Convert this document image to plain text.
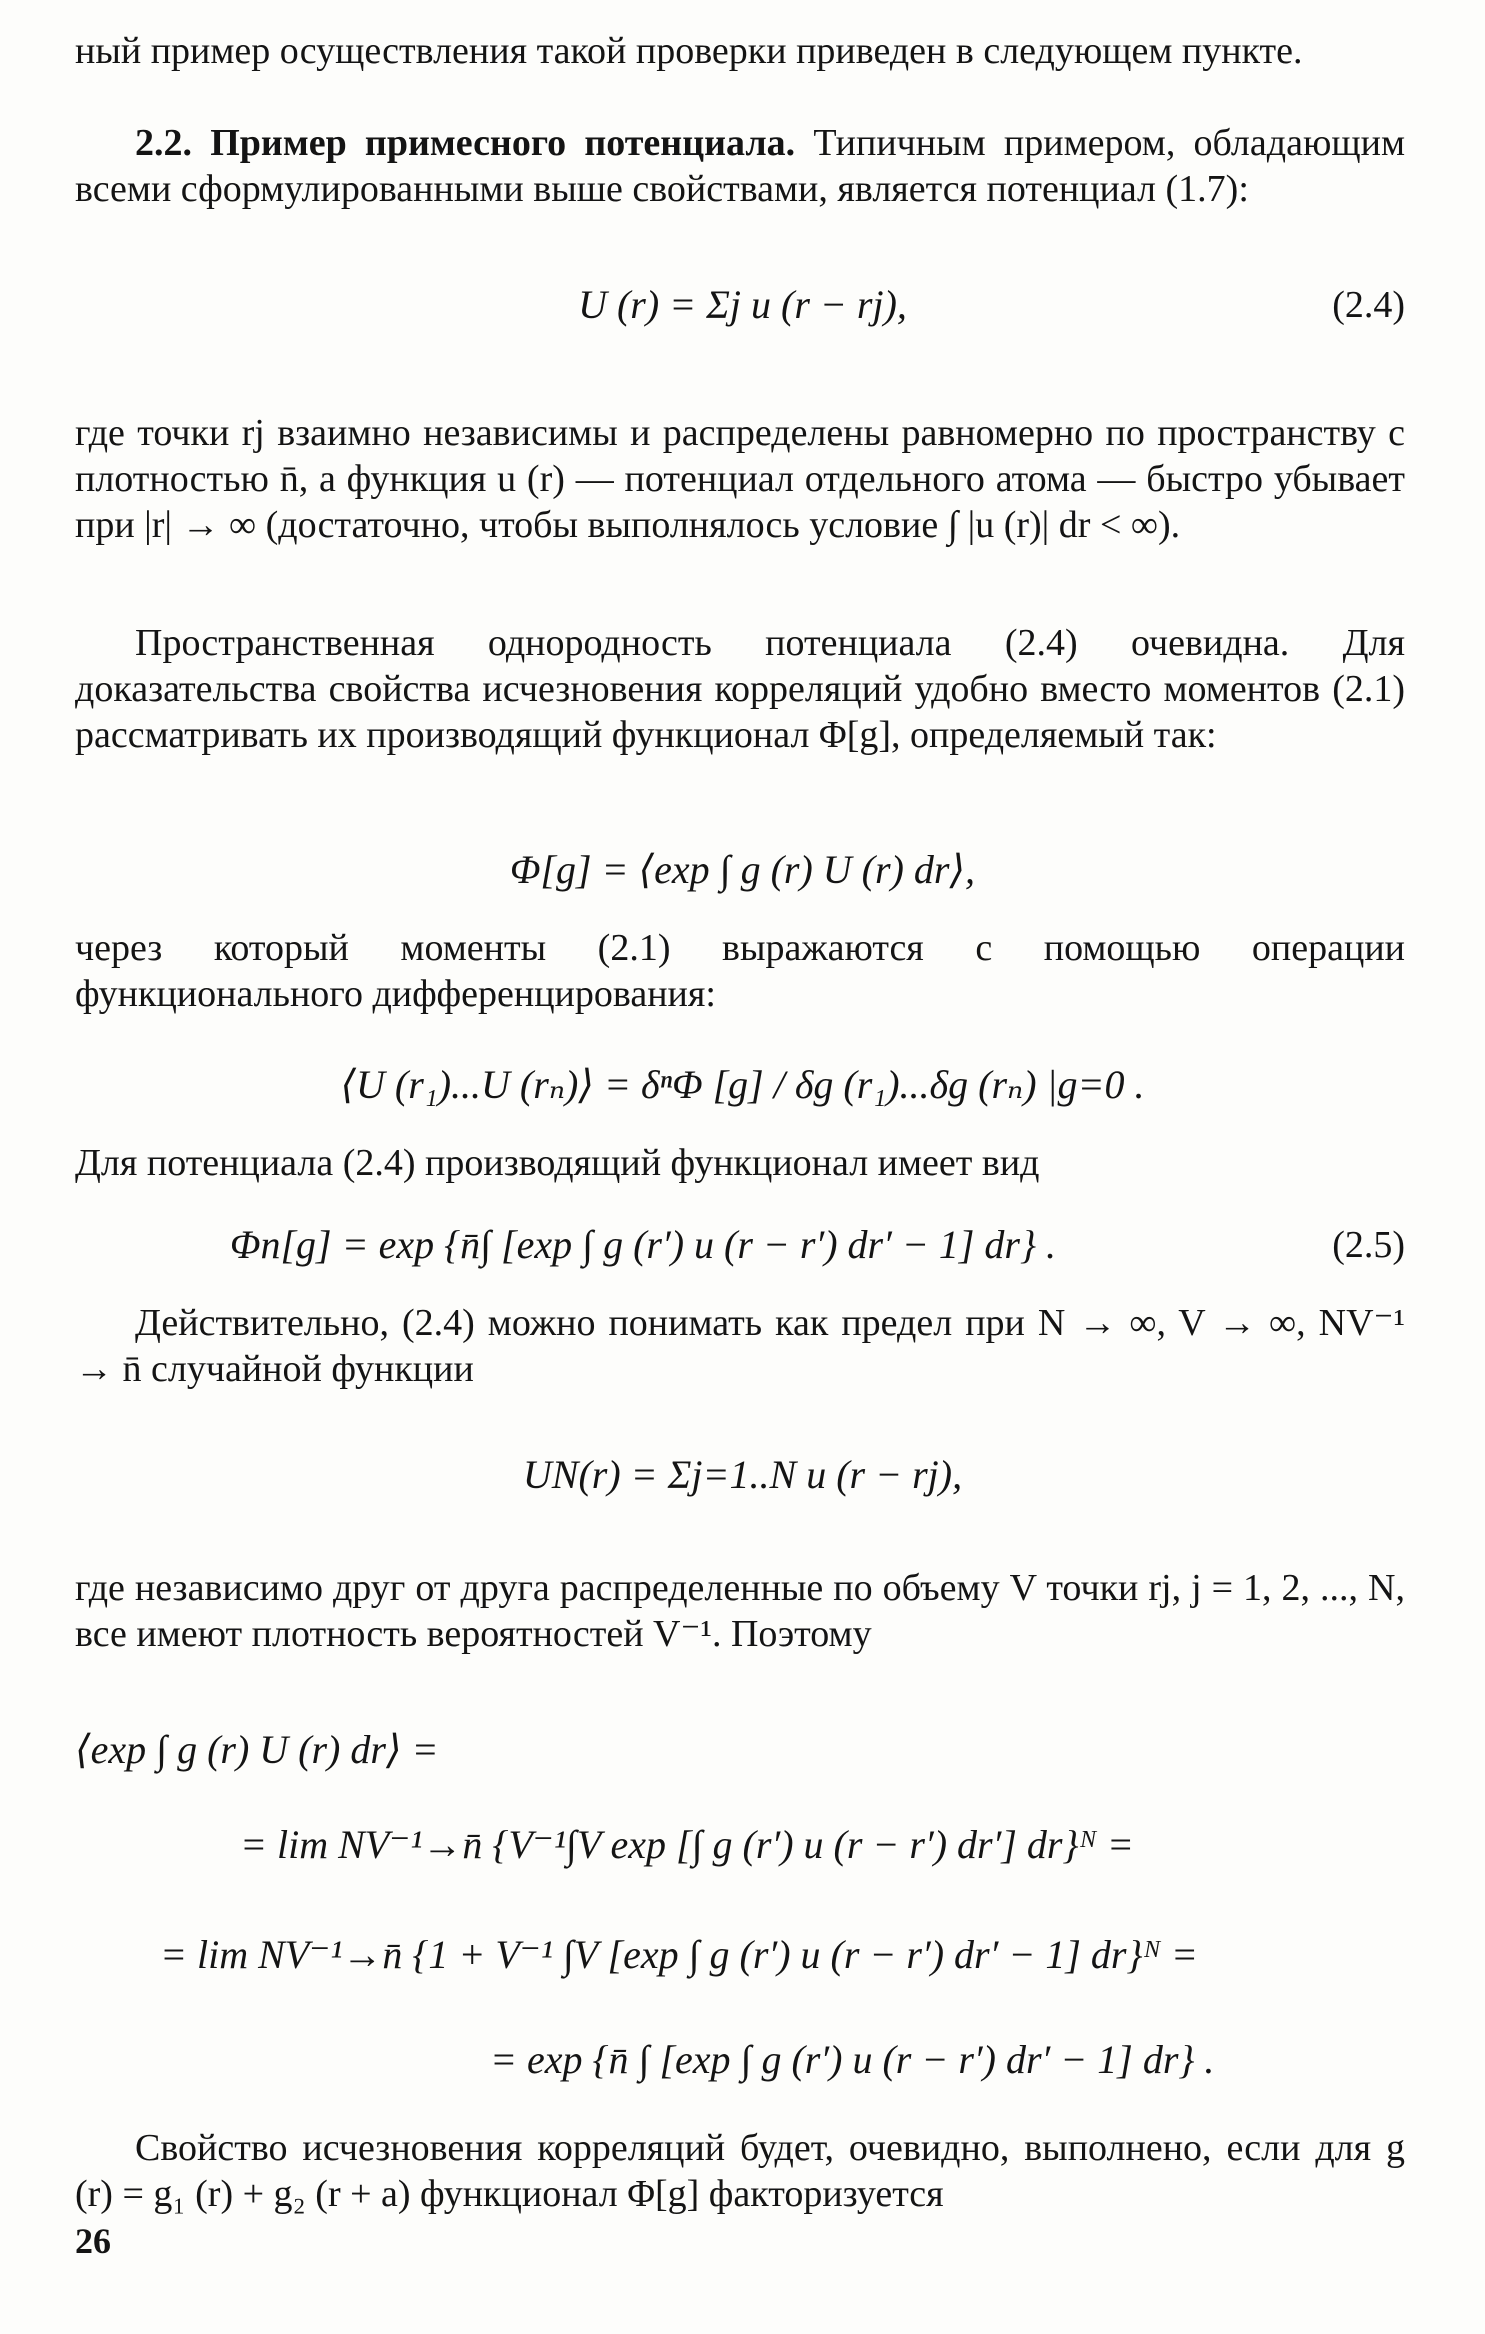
ный пример осуществления такой проверки приведен в следующем пункте.
2.2. Пример примесного потенциала. Типичным примером, обладающим всеми сформулированными выше свойствами, является потенциал (1.7):
U (r) = Σj u (r − rj),	(2.4)
где точки rj взаимно независимы и распределены равномерно по пространству с плотностью n̄, а функция u (r) — потенциал отдельного атома — быстро убывает при |r| → ∞ (достаточно, чтобы выполнялось условие ∫ |u (r)| dr < ∞).
Пространственная однородность потенциала (2.4) очевидна. Для доказательства свойства исчезновения корреляций удобно вместо моментов (2.1) рассматривать их производящий функционал Φ[g], определяемый так:
Φ[g] = ⟨exp ∫ g (r) U (r) dr⟩,
через который моменты (2.1) выражаются с помощью операции функционального дифференцирования:
⟨U (r₁)...U (rₙ)⟩ = δⁿΦ [g] / δg (r₁)...δg (rₙ) |g=0 .
Для потенциала (2.4) производящий функционал имеет вид
Φп[g] = exp {n̄∫ [exp ∫ g (r′) u (r − r′) dr′ − 1] dr} .	(2.5)
Действительно, (2.4) можно понимать как предел при N → ∞, V → ∞, NV⁻¹ → n̄ случайной функции
UN(r) = Σj=1..N u (r − rj),
где независимо друг от друга распределенные по объему V точки rj, j = 1, 2, ..., N, все имеют плотность вероятностей V⁻¹. Поэтому
⟨exp ∫ g (r) U (r) dr⟩ =
= lim NV⁻¹→n̄ {V⁻¹∫V exp [∫ g (r′) u (r − r′) dr′] dr}ᴺ =
= lim NV⁻¹→n̄ {1 + V⁻¹ ∫V [exp ∫ g (r′) u (r − r′) dr′ − 1] dr}ᴺ =
= exp {n̄ ∫ [exp ∫ g (r′) u (r − r′) dr′ − 1] dr} .
Свойство исчезновения корреляций будет, очевидно, выполнено, если для g (r) = g₁ (r) + g₂ (r + a) функционал Φ[g] факторизуется
26
